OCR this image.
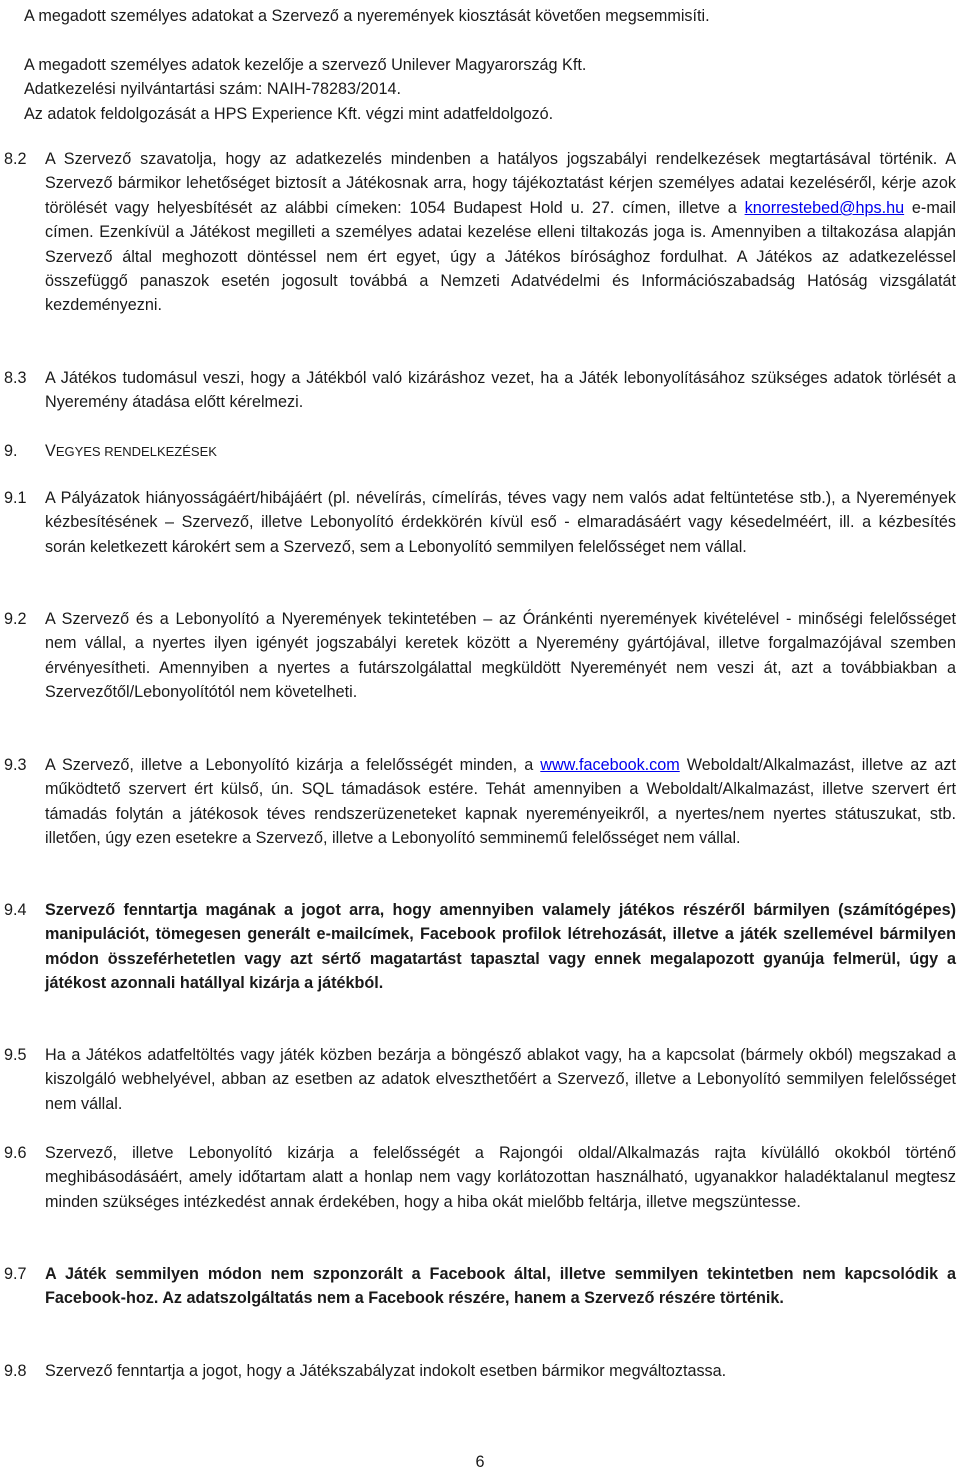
A megadott személyes adatokat a Szervező a nyeremények kiosztását követően megsemmisíti.

A megadott személyes adatok kezelője a szervező Unilever Magyarország Kft.

Adatkezelési nyilvántartási szám: NAIH-78283/2014.

Az adatok feldolgozását a HPS Experience Kft. végzi mint adatfeldolgozó.

8.2	A Szervező szavatolja, hogy az adatkezelés mindenben a hatályos jogszabályi rendelkezések megtartásával történik. A Szervező bármikor lehetőséget biztosít a Játékosnak arra, hogy tájékoztatást kérjen személyes adatai kezeléséről, kérje azok törölését vagy helyesbítését az alábbi címeken: 1054 Budapest Hold u. 27. címen, illetve a knorrestebed@hps.hu e-mail címen. Ezenkívül a Játékost megilleti a személyes adatai kezelése elleni tiltakozás joga is. Amennyiben a tiltakozása alapján Szervező által meghozott döntéssel nem ért egyet, úgy a Játékos bírósághoz fordulhat. A Játékos az adatkezeléssel összefüggő panaszok esetén jogosult továbbá a Nemzeti Adatvédelmi és Információszabadság Hatóság vizsgálatát kezdeményezni.
8.3	A Játékos tudomásul veszi, hogy a Játékból való kizáráshoz vezet, ha a Játék lebonyolításához szükséges adatok törlését a Nyeremény átadása előtt kérelmezi.
9.	VEGYES RENDELKEZÉSEK
9.1	A Pályázatok hiányosságáért/hibájáért (pl. névelírás, címelírás, téves vagy nem valós adat feltüntetése stb.), a Nyeremények kézbesítésének – Szervező, illetve Lebonyolító érdekkörén kívül eső - elmaradásáért vagy késedelméért, ill. a kézbesítés során keletkezett károkért sem a Szervező, sem a Lebonyolító semmilyen felelősséget nem vállal.
9.2	A Szervező és a Lebonyolító a Nyeremények tekintetében – az Óránkénti nyeremények kivételével - minőségi felelősséget nem vállal, a nyertes ilyen igényét jogszabályi keretek között a Nyeremény gyártójával, illetve forgalmazójával szemben érvényesítheti. Amennyiben a nyertes a futárszolgálattal megküldött Nyereményét nem veszi át, azt a továbbiakban a Szervezőtől/Lebonyolítótól nem követelheti.
9.3	A Szervező, illetve a Lebonyolító kizárja a felelősségét minden, a www.facebook.com Weboldalt/Alkalmazást, illetve az azt működtető szervert ért külső, ún. SQL támadások estére. Tehát amennyiben a Weboldalt/Alkalmazást, illetve szervert ért támadás folytán a játékosok téves rendszerüzeneteket kapnak nyereményeikről, a nyertes/nem nyertes státuszukat, stb. illetően, úgy ezen esetekre a Szervező, illetve a Lebonyolító semminemű felelősséget nem vállal.
9.4	Szervező fenntartja magának a jogot arra, hogy amennyiben valamely játékos részéről bármilyen (számítógépes) manipulációt, tömegesen generált e-mailcímek, Facebook profilok létrehozását, illetve a játék szellemével bármilyen módon összeférhetetlen vagy azt sértő magatartást tapasztal vagy ennek megalapozott gyanúja felmerül, úgy a játékost azonnali hatállyal kizárja a játékból.
9.5	Ha a Játékos adatfeltöltés vagy játék közben bezárja a böngésző ablakot vagy, ha a kapcsolat (bármely okból) megszakad a kiszolgáló webhelyével, abban az esetben az adatok elveszthetőért a Szervező, illetve a Lebonyolító semmilyen felelősséget nem vállal.
9.6	Szervező, illetve Lebonyolító kizárja a felelősségét a Rajongói oldal/Alkalmazás rajta kívülálló okokból történő meghibásodásáért, amely időtartam alatt a honlap nem vagy korlátozottan használható, ugyanakkor haladéktalanul megtesz minden szükséges intézkedést annak érdekében, hogy a hiba okát mielőbb feltárja, illetve megszüntesse.
9.7	A Játék semmilyen módon nem szponzorált a Facebook által, illetve semmilyen tekintetben nem kapcsolódik a Facebook-hoz. Az adatszolgáltatás nem a Facebook részére, hanem a Szervező részére történik.
9.8	Szervező fenntartja a jogot, hogy a Játékszabályzat indokolt esetben bármikor megváltoztassa.
6
